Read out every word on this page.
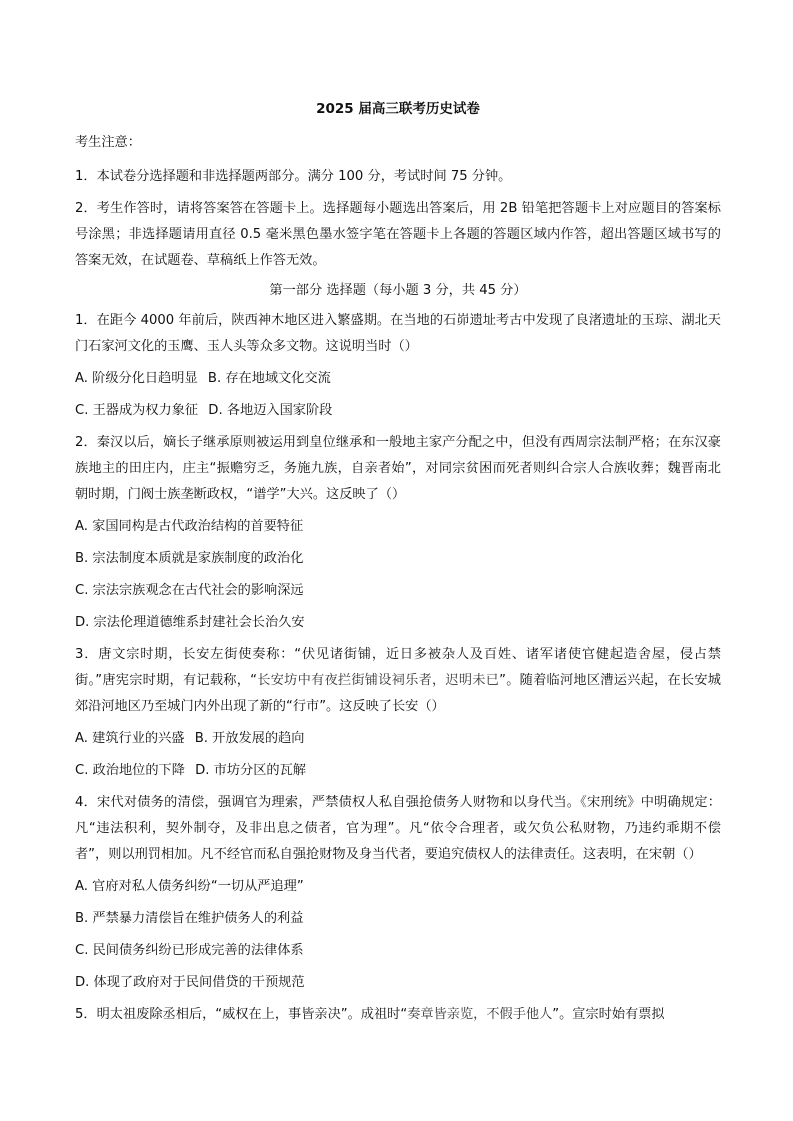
2025 届高三联考历史试卷
考生注意：
1．本试卷分选择题和非选择题两部分。满分 100 分，考试时间 75 分钟。
2．考生作答时，请将答案答在答题卡上。选择题每小题选出答案后，用 2B 铅笔把答题卡上对应题目的答案标号涂黑；非选择题请用直径 0.5 毫米黑色墨水签字笔在答题卡上各题的答题区域内作答，超出答题区域书写的答案无效，在试题卷、草稿纸上作答无效。
第一部分 选择题（每小题 3 分，共 45 分）
1．在距今 4000 年前后，陕西神木地区进入繁盛期。在当地的石峁遗址考古中发现了良渚遗址的玉琮、湖北天门石家河文化的玉鹰、玉人头等众多文物。这说明当时（）
A. 阶级分化日趋明显 B. 存在地域文化交流
C. 王器成为权力象征 D. 各地迈入国家阶段
2．秦汉以后，嫡长子继承原则被运用到皇位继承和一般地主家产分配之中，但没有西周宗法制严格；在东汉豪族地主的田庄内，庄主“振赡穷乏，务施九族，自亲者始”，对同宗贫困而死者则纠合宗人合族收葬；魏晋南北朝时期，门阀士族垄断政权，“谱学”大兴。这反映了（）
A. 家国同构是古代政治结构的首要特征
B. 宗法制度本质就是家族制度的政治化
C. 宗法宗族观念在古代社会的影响深远
D. 宗法伦理道德维系封建社会长治久安
3．唐文宗时期，长安左街使奏称：“伏见诸街铺，近日多被杂人及百姓、诸军诸使官健起造舍屋，侵占禁街。”唐宪宗时期，有记载称，“长安坊中有夜拦街铺设祠乐者，迟明未已”。随着临河地区漕运兴起，在长安城郊沿河地区乃至城门内外出现了新的“行市”。这反映了长安（）
A. 建筑行业的兴盛 B. 开放发展的趋向
C. 政治地位的下降 D. 市坊分区的瓦解
4．宋代对债务的清偿，强调官为理索，严禁债权人私自强抢债务人财物和以身代当。《宋刑统》中明确规定：凡“违法积利，契外制夺，及非出息之债者，官为理”。凡“依令合理者，或欠负公私财物，乃违约乖期不偿者”，则以刑罚相加。凡不经官而私自强抢财物及身当代者，要追究债权人的法律责任。这表明，在宋朝（）
A. 官府对私人债务纠纷“一切从严追理”
B. 严禁暴力清偿旨在维护债务人的利益
C. 民间债务纠纷已形成完善的法律体系
D. 体现了政府对于民间借贷的干预规范
5．明太祖废除丞相后，“威权在上，事皆亲决”。成祖时“奏章皆亲览，不假手他人”。宣宗时始有票拟
